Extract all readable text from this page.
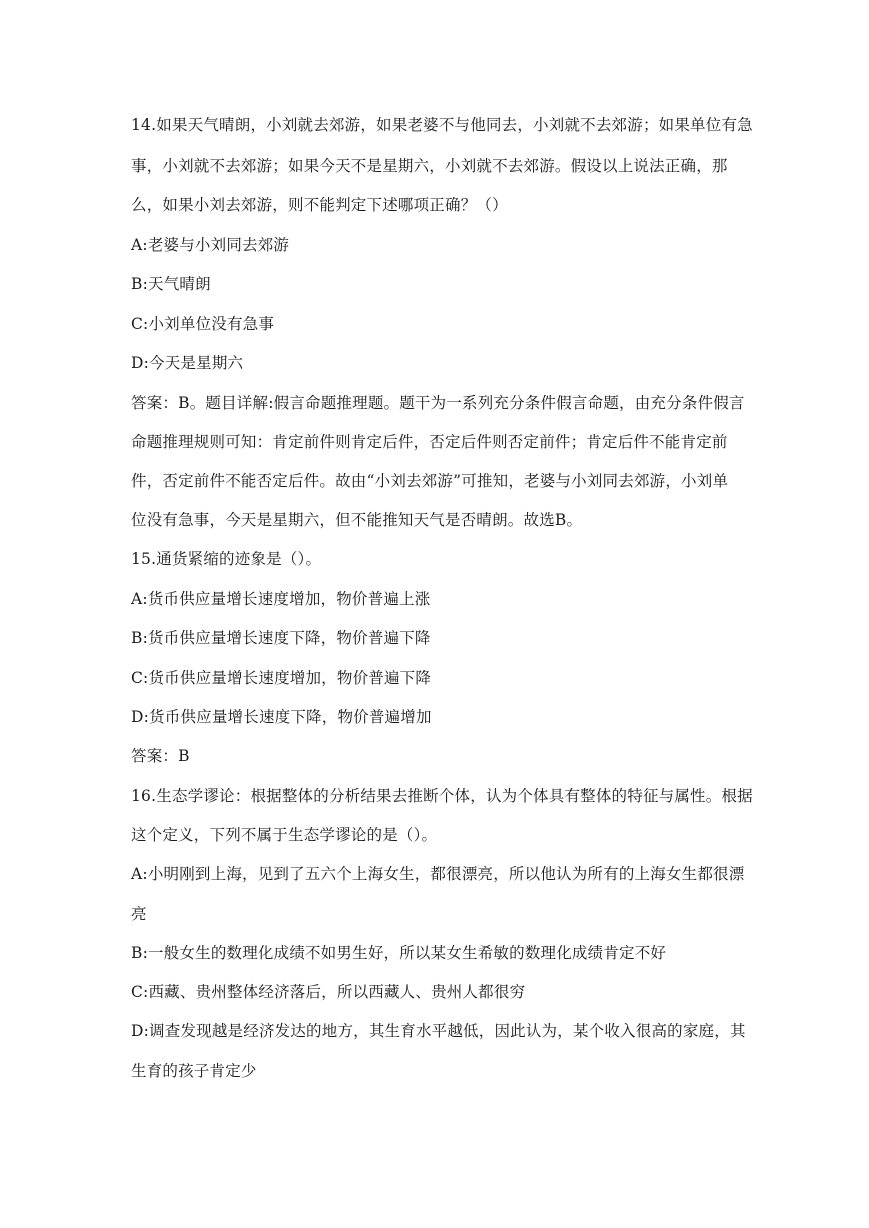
14.如果天气晴朗，小刘就去郊游，如果老婆不与他同去，小刘就不去郊游；如果单位有急
事，小刘就不去郊游；如果今天不是星期六，小刘就不去郊游。假设以上说法正确，那
么，如果小刘去郊游，则不能判定下述哪项正确？（）
A:老婆与小刘同去郊游
B:天气晴朗
C:小刘单位没有急事
D:今天是星期六
答案：B。题目详解:假言命题推理题。题干为一系列充分条件假言命题，由充分条件假言
命题推理规则可知：肯定前件则肯定后件，否定后件则否定前件；肯定后件不能肯定前
件，否定前件不能否定后件。故由“小刘去郊游”可推知，老婆与小刘同去郊游，小刘单
位没有急事，今天是星期六，但不能推知天气是否晴朗。故选B。
15.通货紧缩的迹象是（）。
A:货币供应量增长速度增加，物价普遍上涨
B:货币供应量增长速度下降，物价普遍下降
C:货币供应量增长速度增加，物价普遍下降
D:货币供应量增长速度下降，物价普遍增加
答案：B
16.生态学谬论：根据整体的分析结果去推断个体，认为个体具有整体的特征与属性。根据
这个定义，下列不属于生态学谬论的是（）。
A:小明刚到上海，见到了五六个上海女生，都很漂亮，所以他认为所有的上海女生都很漂
亮
B:一般女生的数理化成绩不如男生好，所以某女生希敏的数理化成绩肯定不好
C:西藏、贵州整体经济落后，所以西藏人、贵州人都很穷
D:调查发现越是经济发达的地方，其生育水平越低，因此认为，某个收入很高的家庭，其
生育的孩子肯定少
